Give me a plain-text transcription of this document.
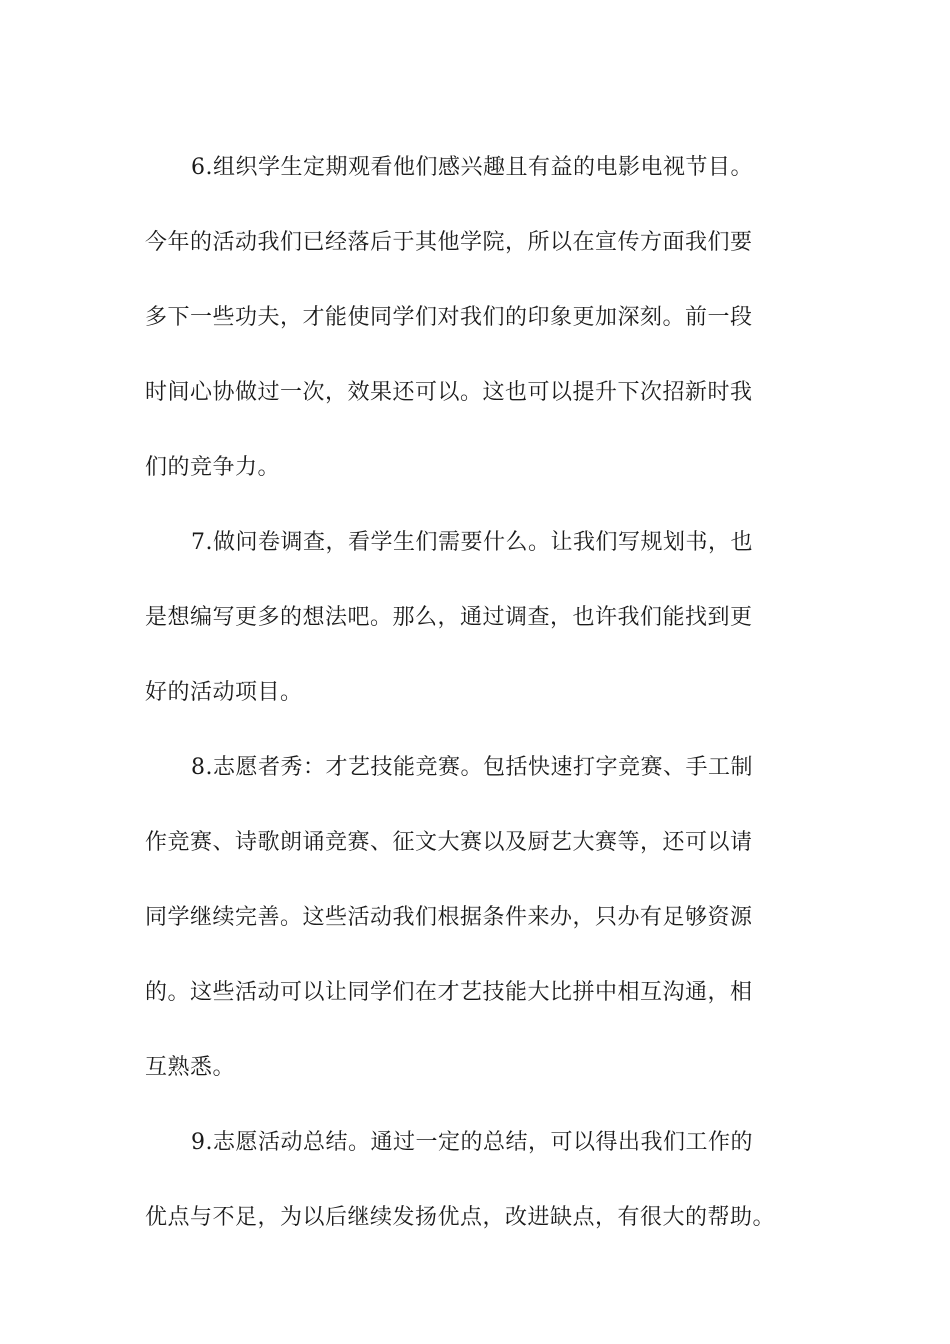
6.组织学生定期观看他们感兴趣且有益的电影电视节目。
今年的活动我们已经落后于其他学院，所以在宣传方面我们要
多下一些功夫，才能使同学们对我们的印象更加深刻。前一段
时间心协做过一次，效果还可以。这也可以提升下次招新时我
们的竞争力。
7.做问卷调查，看学生们需要什么。让我们写规划书，也
是想编写更多的想法吧。那么，通过调查，也许我们能找到更
好的活动项目。
8.志愿者秀：才艺技能竞赛。包括快速打字竞赛、手工制
作竞赛、诗歌朗诵竞赛、征文大赛以及厨艺大赛等，还可以请
同学继续完善。这些活动我们根据条件来办，只办有足够资源
的。这些活动可以让同学们在才艺技能大比拼中相互沟通，相
互熟悉。
9.志愿活动总结。通过一定的总结，可以得出我们工作的
优点与不足，为以后继续发扬优点，改进缺点，有很大的帮助。
